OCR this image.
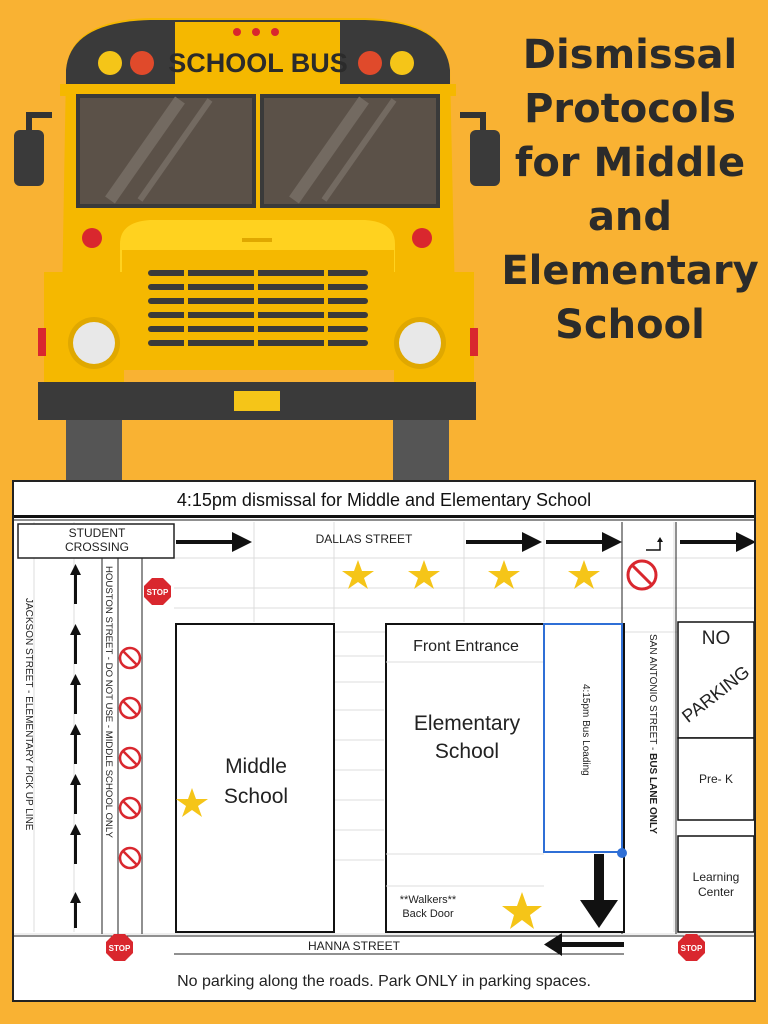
Dismissal
Protocols
for Middle
and
Elementary
School
SCHOOL BUS
4:15pm dismissal for Middle and Elementary School
STOP
STOP	STOP
STUDENT CROSSING
DALLAS STREET
HANNA STREET
JACKSON STREET - ELEMENTARY PICK UP LINE	HOUSTON STREET - DO NOT USE - MIDDLE SCHOOL ONLY	SAN ANTONIO STREET - BUS LANE ONLY
4:15pm Bus Loading
Middle School
Front Entrance
Elementary School
**Walkers** Back Door
NO
PARKING
Pre- K
Learning Center
No parking along the roads. Park ONLY in parking spaces.
